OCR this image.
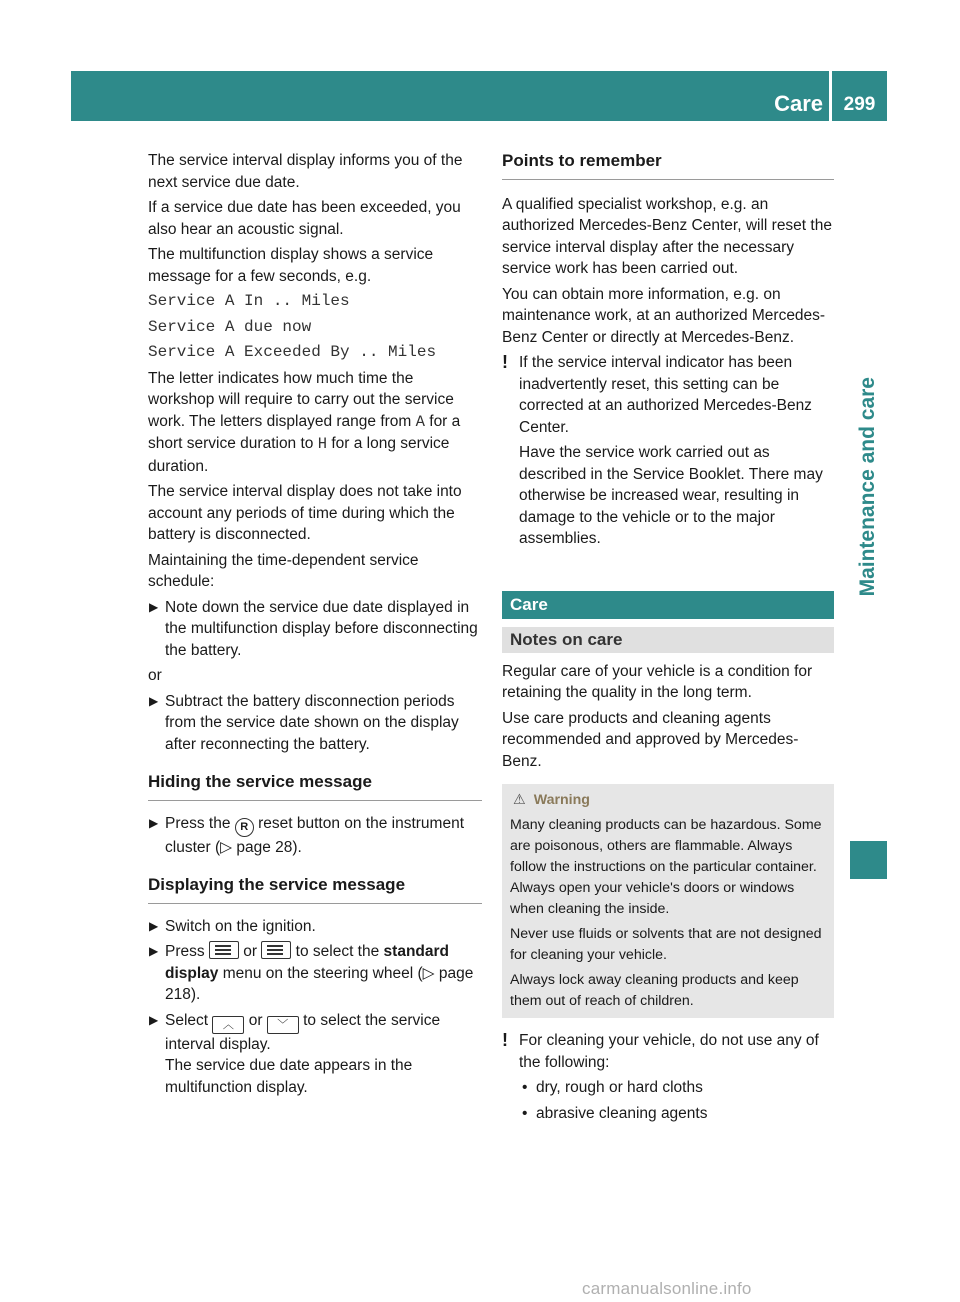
Care	299
Maintenance and care

The service interval display informs you of the next service due date.

If a service due date has been exceeded, you also hear an acoustic signal.

The multifunction display shows a service message for a few seconds, e.g.

Service A In .. Miles

Service A due now

Service A Exceeded By .. Miles

The letter indicates how much time the workshop will require to carry out the service work. The letters displayed range from A for a short service duration to H for a long service duration.

The service interval display does not take into account any periods of time during which the battery is disconnected.

Maintaining the time-dependent service schedule:

▶ Note down the service due date displayed in the multifunction display before disconnecting the battery.

or

▶ Subtract the battery disconnection periods from the service date shown on the display after reconnecting the battery.
Hiding the service message
▶ Press the R reset button on the instrument cluster (▷ page 28).
Displaying the service message
▶ Switch on the ignition.
▶ Press  or  to select the standard display menu on the steering wheel (▷ page 218).
▶ Select ︿ or ﹀ to select the service interval display.
The service due date appears in the multifunction display.
Points to remember

A qualified specialist workshop, e.g. an authorized Mercedes-Benz Center, will reset the service interval display after the necessary service work has been carried out.

You can obtain more information, e.g. on maintenance work, at an authorized Mercedes-Benz Center or directly at Mercedes-Benz.

! If the service interval indicator has been inadvertently reset, this setting can be corrected at an authorized Mercedes-Benz Center.

Have the service work carried out as described in the Service Booklet. There may otherwise be increased wear, resulting in damage to the vehicle or to the major assemblies.

Care
Notes on care

Regular care of your vehicle is a condition for retaining the quality in the long term.

Use care products and cleaning agents recommended and approved by Mercedes-Benz.

⚠ Warning

Many cleaning products can be hazardous. Some are poisonous, others are flammable. Always follow the instructions on the particular container. Always open your vehicle's doors or windows when cleaning the inside.

Never use fluids or solvents that are not designed for cleaning your vehicle.

Always lock away cleaning products and keep them out of reach of children.

! For cleaning your vehicle, do not use any of the following:

• dry, rough or hard cloths
• abrasive cleaning agents
carmanualsonline.info
